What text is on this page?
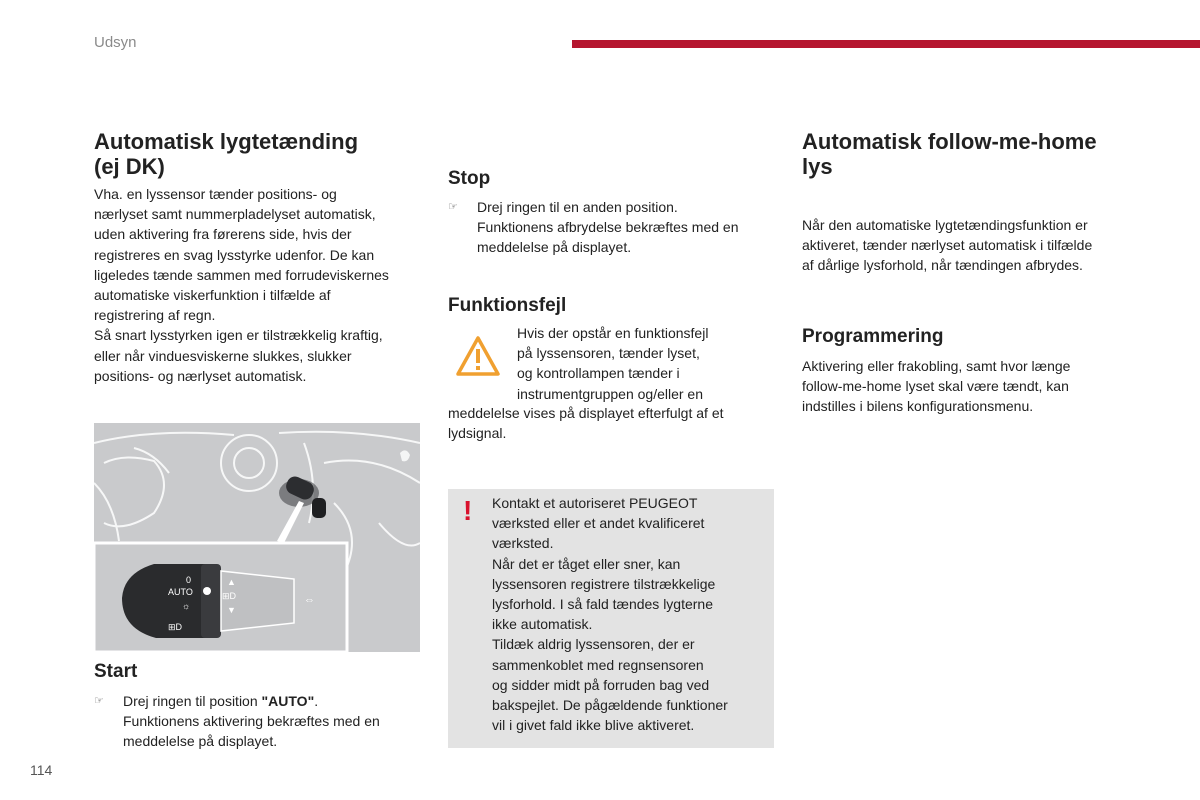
Udsyn
Automatisk lygtetænding
(ej DK)
Vha. en lyssensor tænder positions- og
nærlyset samt nummerpladelyset automatisk,
uden aktivering fra førerens side, hvis der
registreres en svag lysstyrke udenfor. De kan
ligeledes tænde sammen med forrudeviskernes
automatiske viskerfunktion i tilfælde af
registrering af regn.
Så snart lysstyrken igen er tilstrækkelig kraftig,
eller når vinduesviskerne slukkes, slukker
positions- og nærlyset automatisk.
0
AUTO
☼
⊞D
▲
⊞D
▼
⇔
Start
☞ Drej ringen til position "AUTO".
Funktionens aktivering bekræftes med en
meddelelse på displayet.
Stop
☞ Drej ringen til en anden position.
Funktionens afbrydelse bekræftes med en
meddelelse på displayet.
Funktionsfejl
Hvis der opstår en funktionsfejl
på lyssensoren, tænder lyset,
og kontrollampen tænder i
instrumentgruppen og/eller en
meddelelse vises på displayet efterfulgt af et
lydsignal.
! Kontakt et autoriseret PEUGEOT
værksted eller et andet kvalificeret
værksted.
Når det er tåget eller sner, kan
lyssensoren registrere tilstrækkelige
lysforhold. I så fald tændes lygterne
ikke automatisk.
Tildæk aldrig lyssensoren, der er
sammenkoblet med regnsensoren
og sidder midt på forruden bag ved
bakspejlet. De pågældende funktioner
vil i givet fald ikke blive aktiveret.
Automatisk follow-me-home
lys
Når den automatiske lygtetændingsfunktion er
aktiveret, tænder nærlyset automatisk i tilfælde
af dårlige lysforhold, når tændingen afbrydes.
Programmering
Aktivering eller frakobling, samt hvor længe
follow-me-home lyset skal være tændt, kan
indstilles i bilens konfigurationsmenu.
114
